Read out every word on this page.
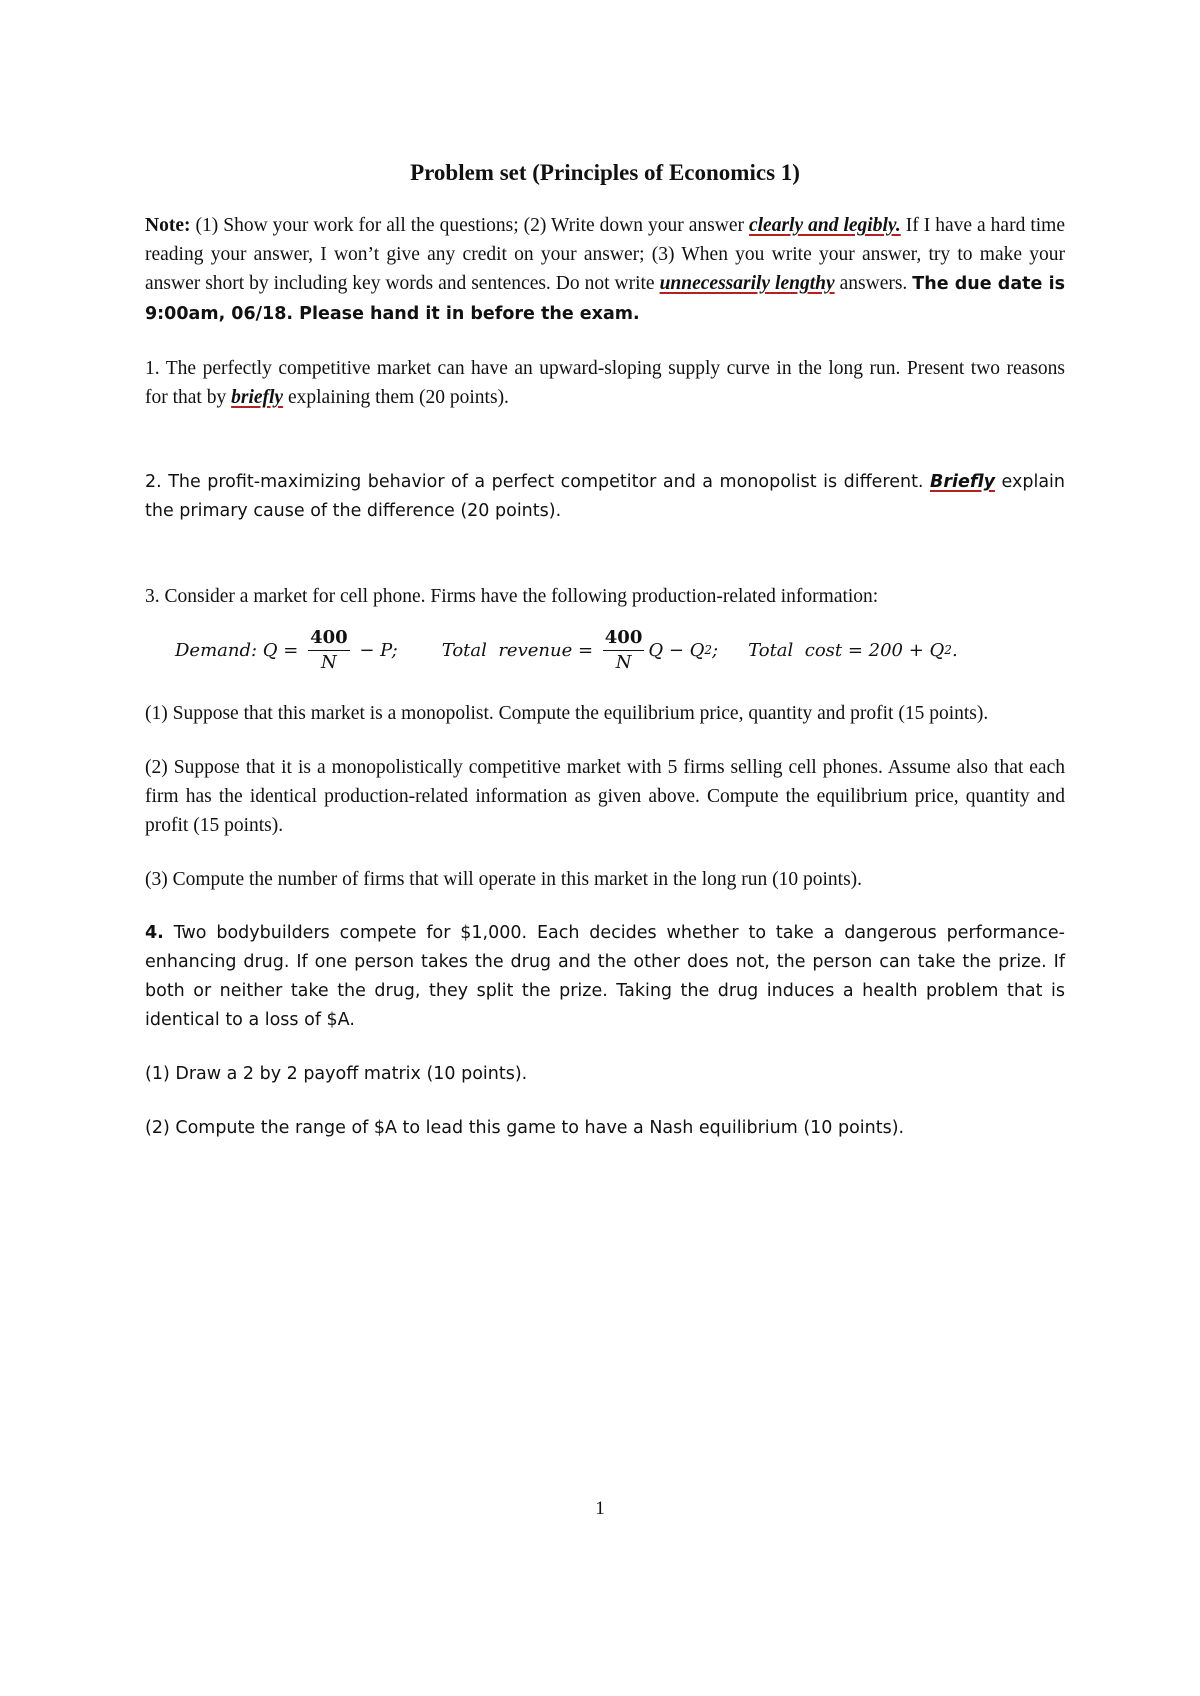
Problem set (Principles of Economics 1)

Note: (1) Show your work for all the questions; (2) Write down your answer clearly and legibly. If I have a hard time reading your answer, I won’t give any credit on your answer; (3) When you write your answer, try to make your answer short by including key words and sentences. Do not write unnecessarily lengthy answers. The due date is 9:00am, 06/18. Please hand it in before the exam.

1. The perfectly competitive market can have an upward-sloping supply curve in the long run. Present two reasons for that by briefly explaining them (20 points).

2. The profit-maximizing behavior of a perfect competitor and a monopolist is different. Briefly explain the primary cause of the difference (20 points).

3. Consider a market for cell phone. Firms have the following production-related information:

Demand: $Q = \frac{400}{N} - P$; Total  revenue = $\frac{400}{N}$ Q − Q 2 ; Total  cost = 200 + Q 2 .

(1) Suppose that this market is a monopolist. Compute the equilibrium price, quantity and profit (15 points).

(2) Suppose that it is a monopolistically competitive market with 5 firms selling cell phones. Assume also that each firm has the identical production-related information as given above. Compute the equilibrium price, quantity and profit (15 points).

(3) Compute the number of firms that will operate in this market in the long run (10 points).

4. Two bodybuilders compete for $1,000. Each decides whether to take a dangerous performance-enhancing drug. If one person takes the drug and the other does not, the person can take the prize. If both or neither take the drug, they split the prize. Taking the drug induces a health problem that is identical to a loss of $A.

(1) Draw a 2 by 2 payoff matrix (10 points).

(2) Compute the range of $A to lead this game to have a Nash equilibrium (10 points).

1
